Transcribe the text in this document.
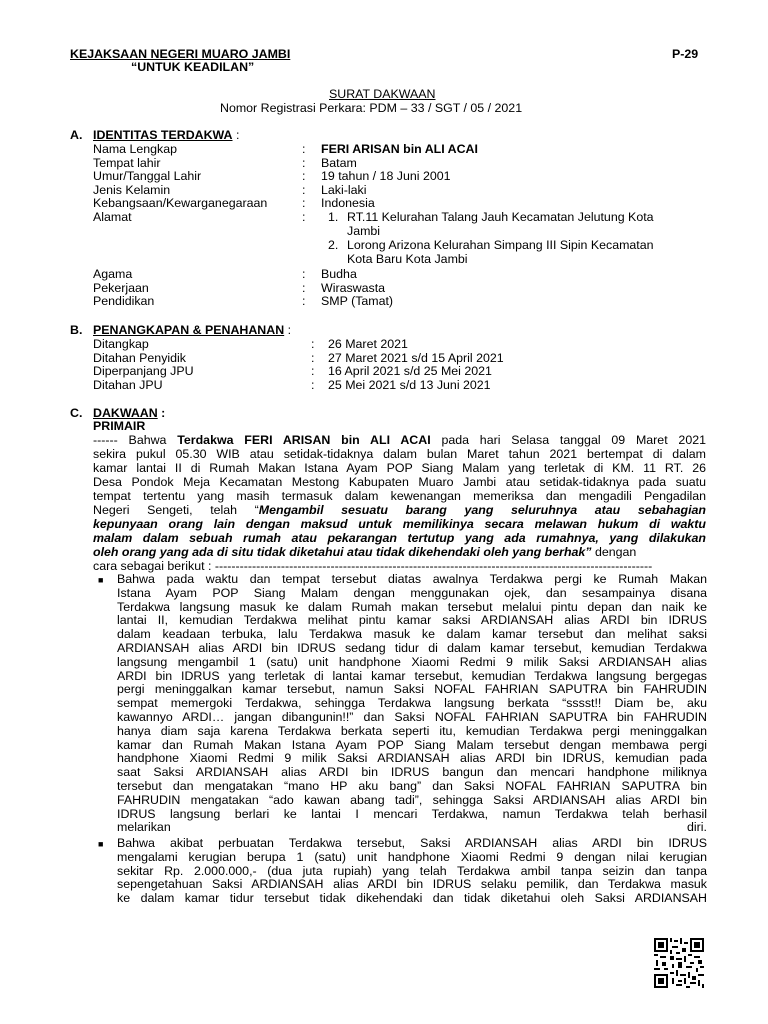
KEJAKSAAN NEGERI MUARO JAMBI
“UNTUK KEADILAN”
P-29
SURAT DAKWAAN
Nomor Registrasi Perkara: PDM – 33 / SGT / 05 / 2021
A. IDENTITAS TERDAKWA :
Nama Lengkap	: FERI ARISAN bin ALI ACAI
Tempat lahir	: Batam
Umur/Tanggal Lahir	: 19 tahun / 18 Juni 2001
Jenis Kelamin	: Laki-laki
Kebangsaan/Kewarganegaraan	: Indonesia
Alamat	: 1. RT.11 Kelurahan Talang Jauh Kecamatan Jelutung Kota
Jambi
2. Lorong Arizona Kelurahan Simpang III Sipin Kecamatan
Kota Baru Kota Jambi
Agama	: Budha
Pekerjaan	: Wiraswasta
Pendidikan	: SMP (Tamat)
B. PENANGKAPAN & PENAHANAN :
Ditangkap	: 26 Maret 2021
Ditahan Penyidik	: 27 Maret 2021 s/d 15 April 2021
Diperpanjang JPU	: 16 April 2021 s/d 25 Mei 2021
Ditahan JPU	: 25 Mei 2021 s/d 13 Juni 2021
C. DAKWAAN :
PRIMAIR
------ Bahwa Terdakwa FERI ARISAN bin ALI ACAI pada hari Selasa tanggal 09 Maret 2021
sekira pukul 05.30 WIB atau setidak-tidaknya dalam bulan Maret tahun 2021 bertempat di dalam
kamar lantai II di Rumah Makan Istana Ayam POP Siang Malam yang terletak di KM. 11 RT. 26
Desa Pondok Meja Kecamatan Mestong Kabupaten Muaro Jambi atau setidak-tidaknya pada suatu
tempat tertentu yang masih termasuk dalam kewenangan memeriksa dan mengadili Pengadilan
Negeri Sengeti, telah “Mengambil sesuatu barang yang seluruhnya atau sebahagian
kepunyaan orang lain dengan maksud untuk memilikinya secara melawan hukum di waktu
malam dalam sebuah rumah atau pekarangan tertutup yang ada rumahnya, yang dilakukan
oleh orang yang ada di situ tidak diketahui atau tidak dikehendaki oleh yang berhak” dengan
cara sebagai berikut : ----------------------------------------------------------------------------------------------------------
■ Bahwa pada waktu dan tempat tersebut diatas awalnya Terdakwa pergi ke Rumah Makan
Istana Ayam POP Siang Malam dengan menggunakan ojek, dan sesampainya disana
Terdakwa langsung masuk ke dalam Rumah makan tersebut melalui pintu depan dan naik ke
lantai II, kemudian Terdakwa melihat pintu kamar saksi ARDIANSAH alias ARDI bin IDRUS
dalam keadaan terbuka, lalu Terdakwa masuk ke dalam kamar tersebut dan melihat saksi
ARDIANSAH alias ARDI bin IDRUS sedang tidur di dalam kamar tersebut, kemudian Terdakwa
langsung mengambil 1 (satu) unit handphone Xiaomi Redmi 9 milik Saksi ARDIANSAH alias
ARDI bin IDRUS yang terletak di lantai kamar tersebut, kemudian Terdakwa langsung bergegas
pergi meninggalkan kamar tersebut, namun Saksi NOFAL FAHRIAN SAPUTRA bin FAHRUDIN
sempat memergoki Terdakwa, sehingga Terdakwa langsung berkata “sssst!! Diam be, aku
kawannyo ARDI… jangan dibangunin!!” dan Saksi NOFAL FAHRIAN SAPUTRA bin FAHRUDIN
hanya diam saja karena Terdakwa berkata seperti itu, kemudian Terdakwa pergi meninggalkan
kamar dan Rumah Makan Istana Ayam POP Siang Malam tersebut dengan membawa pergi
handphone Xiaomi Redmi 9 milik Saksi ARDIANSAH alias ARDI bin IDRUS, kemudian pada
saat Saksi ARDIANSAH alias ARDI bin IDRUS bangun dan mencari handphone miliknya
tersebut dan mengatakan “mano HP aku bang” dan Saksi NOFAL FAHRIAN SAPUTRA bin
FAHRUDIN mengatakan “ado kawan abang tadi”, sehingga Saksi ARDIANSAH alias ARDI bin
IDRUS langsung berlari ke lantai I mencari Terdakwa, namun Terdakwa telah berhasil
melarikan diri.
■ Bahwa akibat perbuatan Terdakwa tersebut, Saksi ARDIANSAH alias ARDI bin IDRUS
mengalami kerugian berupa 1 (satu) unit handphone Xiaomi Redmi 9 dengan nilai kerugian
sekitar Rp. 2.000.000,- (dua juta rupiah) yang telah Terdakwa ambil tanpa seizin dan tanpa
sepengetahuan Saksi ARDIANSAH alias ARDI bin IDRUS selaku pemilik, dan Terdakwa masuk
ke dalam kamar tidur tersebut tidak dikehendaki dan tidak diketahui oleh Saksi ARDIANSAH
